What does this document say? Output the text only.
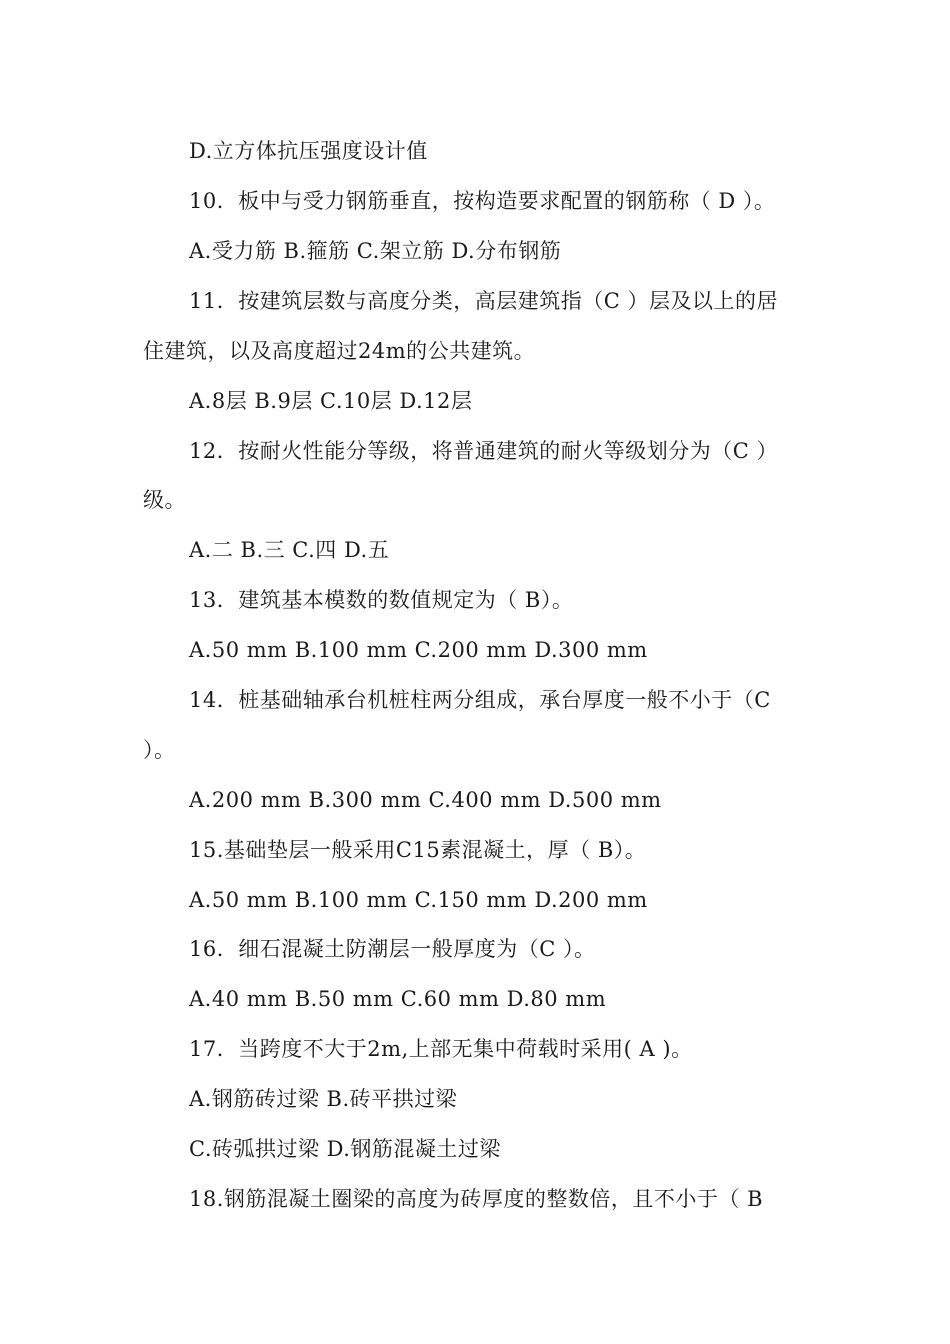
D.立方体抗压强度设计值
10．板中与受力钢筋垂直，按构造要求配置的钢筋称（ D ）。
A.受力筋 B.箍筋 C.架立筋 D.分布钢筋
11．按建筑层数与高度分类，高层建筑指（C ）层及以上的居
住建筑，以及高度超过24m的公共建筑。
A.8层 B.9层 C.10层 D.12层
12．按耐火性能分等级，将普通建筑的耐火等级划分为（C ）
级。
A.二 B.三 C.四 D.五
13．建筑基本模数的数值规定为（ B）。
A.50 mm B.100 mm C.200 mm D.300 mm
14．桩基础轴承台机桩柱两分组成，承台厚度一般不小于（C
）。
A.200 mm B.300 mm C.400 mm D.500 mm
15.基础垫层一般采用C15素混凝土，厚（ B）。
A.50 mm B.100 mm C.150 mm D.200 mm
16．细石混凝土防潮层一般厚度为（C ）。
A.40 mm B.50 mm C.60 mm D.80 mm
17．当跨度不大于2m,上部无集中荷载时采用( A )。
A.钢筋砖过梁 B.砖平拱过梁
C.砖弧拱过梁 D.钢筋混凝土过梁
18.钢筋混凝土圈梁的高度为砖厚度的整数倍，且不小于（ B
